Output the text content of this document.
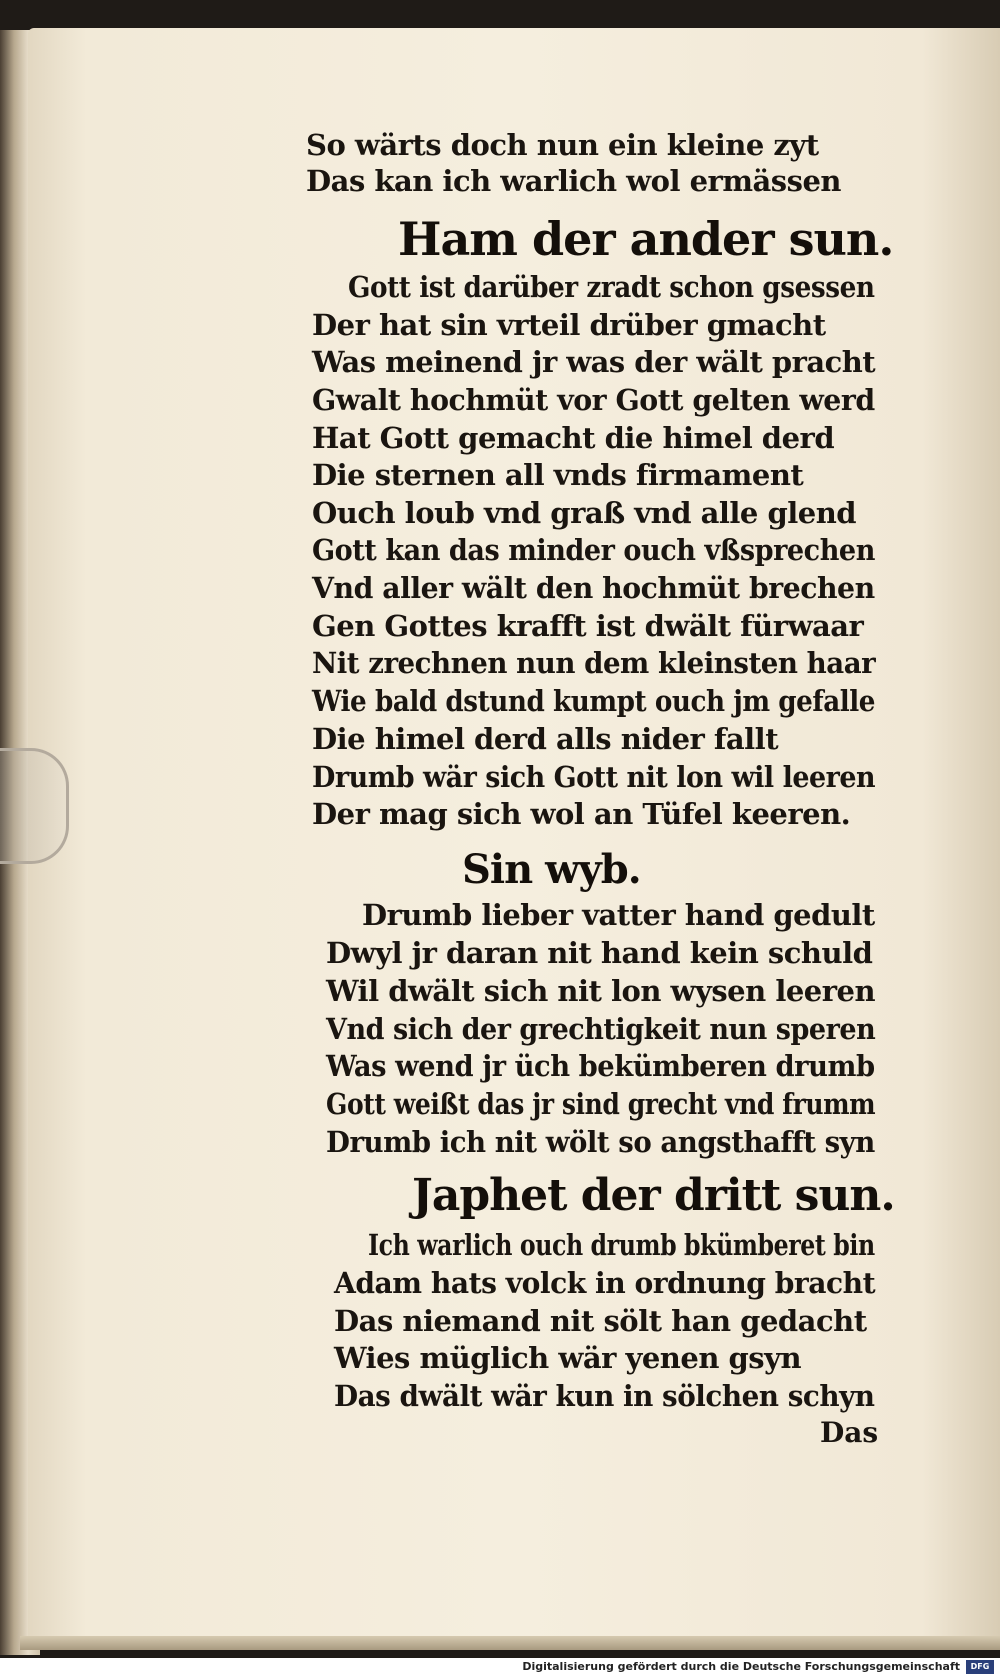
So wärts doch nun ein kleine zyt
Das kan ich warlich wol ermässen
Ham der ander sun.
Gott ist darüber zradt schon gsessen
Der hat sin vrteil drüber gmacht
Was meinend jr was der wält pracht
Gwalt hochmüt vor Gott gelten werd
Hat Gott gemacht die himel derd
Die sternen all vnds firmament
Ouch loub vnd graß vnd alle glend
Gott kan das minder ouch vßsprechen
Vnd aller wält den hochmüt brechen
Gen Gottes krafft ist dwält fürwaar
Nit zrechnen nun dem kleinsten haar
Wie bald dstund kumpt ouch jm gefalle
Die himel derd alls nider fallt
Drumb wär sich Gott nit lon wil leeren
Der mag sich wol an Tüfel keeren.
Sin wyb.
Drumb lieber vatter hand gedult
Dwyl jr daran nit hand kein schuld
Wil dwält sich nit lon wysen leeren
Vnd sich der grechtigkeit nun speren
Was wend jr üch bekümberen drumb
Gott weißt das jr sind grecht vnd frumm
Drumb ich nit wölt so angsthafft syn
Japhet der dritt sun.
Ich warlich ouch drumb bkümberet bin
Adam hats volck in ordnung bracht
Das niemand nit sölt han gedacht
Wies müglich wär yenen gsyn
Das dwält wär kun in sölchen schyn
Das
Digitalisierung gefördert durch die Deutsche Forschungsgemeinschaft	DFG
